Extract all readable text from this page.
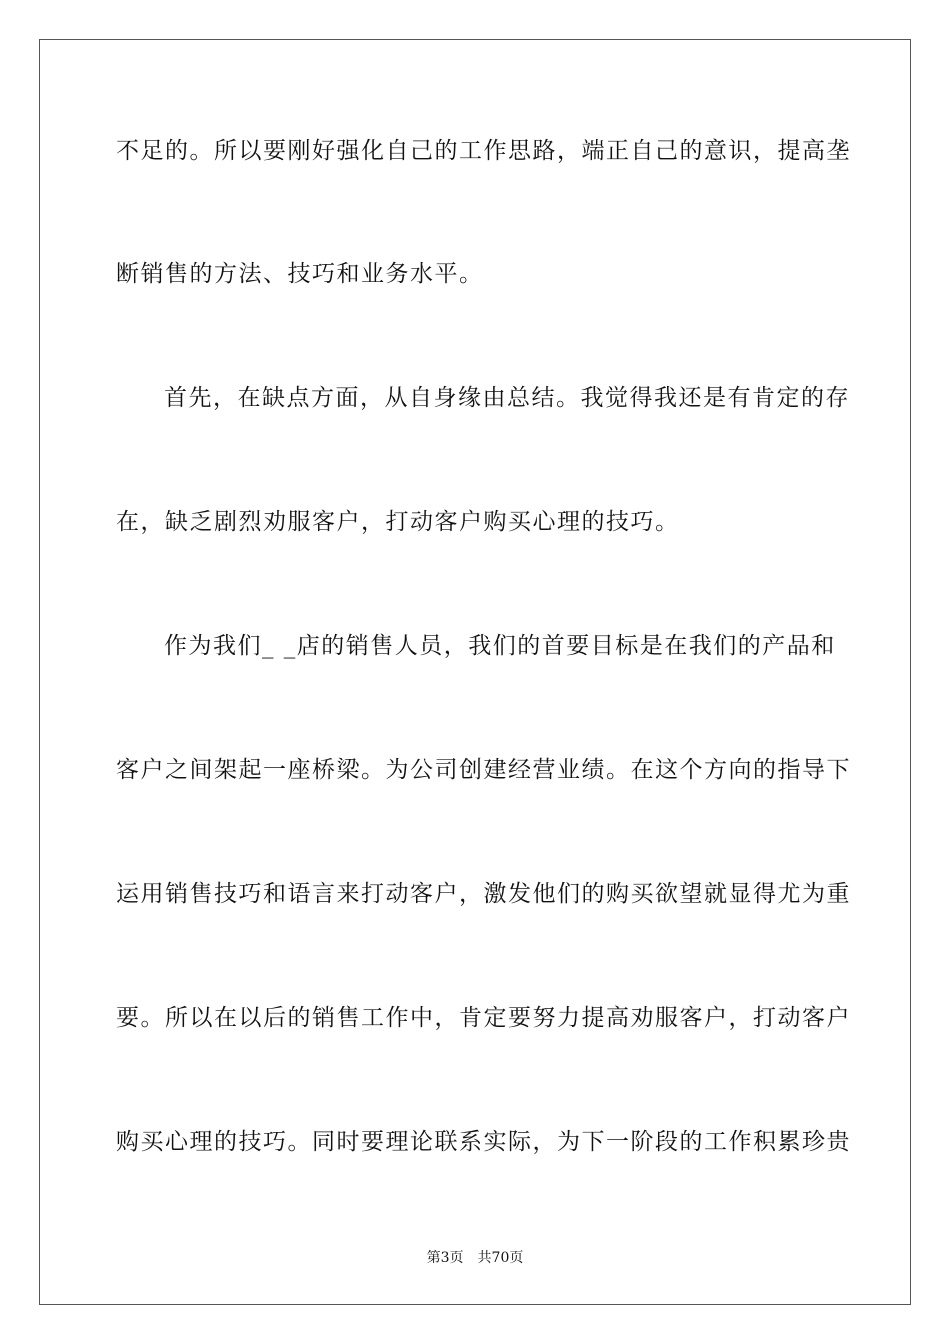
不足的。所以要刚好强化自己的工作思路，端正自己的意识，提高垄
断销售的方法、技巧和业务水平。
首先，在缺点方面，从自身缘由总结。我觉得我还是有肯定的存
在，缺乏剧烈劝服客户，打动客户购买心理的技巧。
作为我们_ _店的销售人员，我们的首要目标是在我们的产品和
客户之间架起一座桥梁。为公司创建经营业绩。在这个方向的指导下
运用销售技巧和语言来打动客户，激发他们的购买欲望就显得尤为重
要。所以在以后的销售工作中，肯定要努力提高劝服客户，打动客户
购买心理的技巧。同时要理论联系实际，为下一阶段的工作积累珍贵
第3页 共70页
